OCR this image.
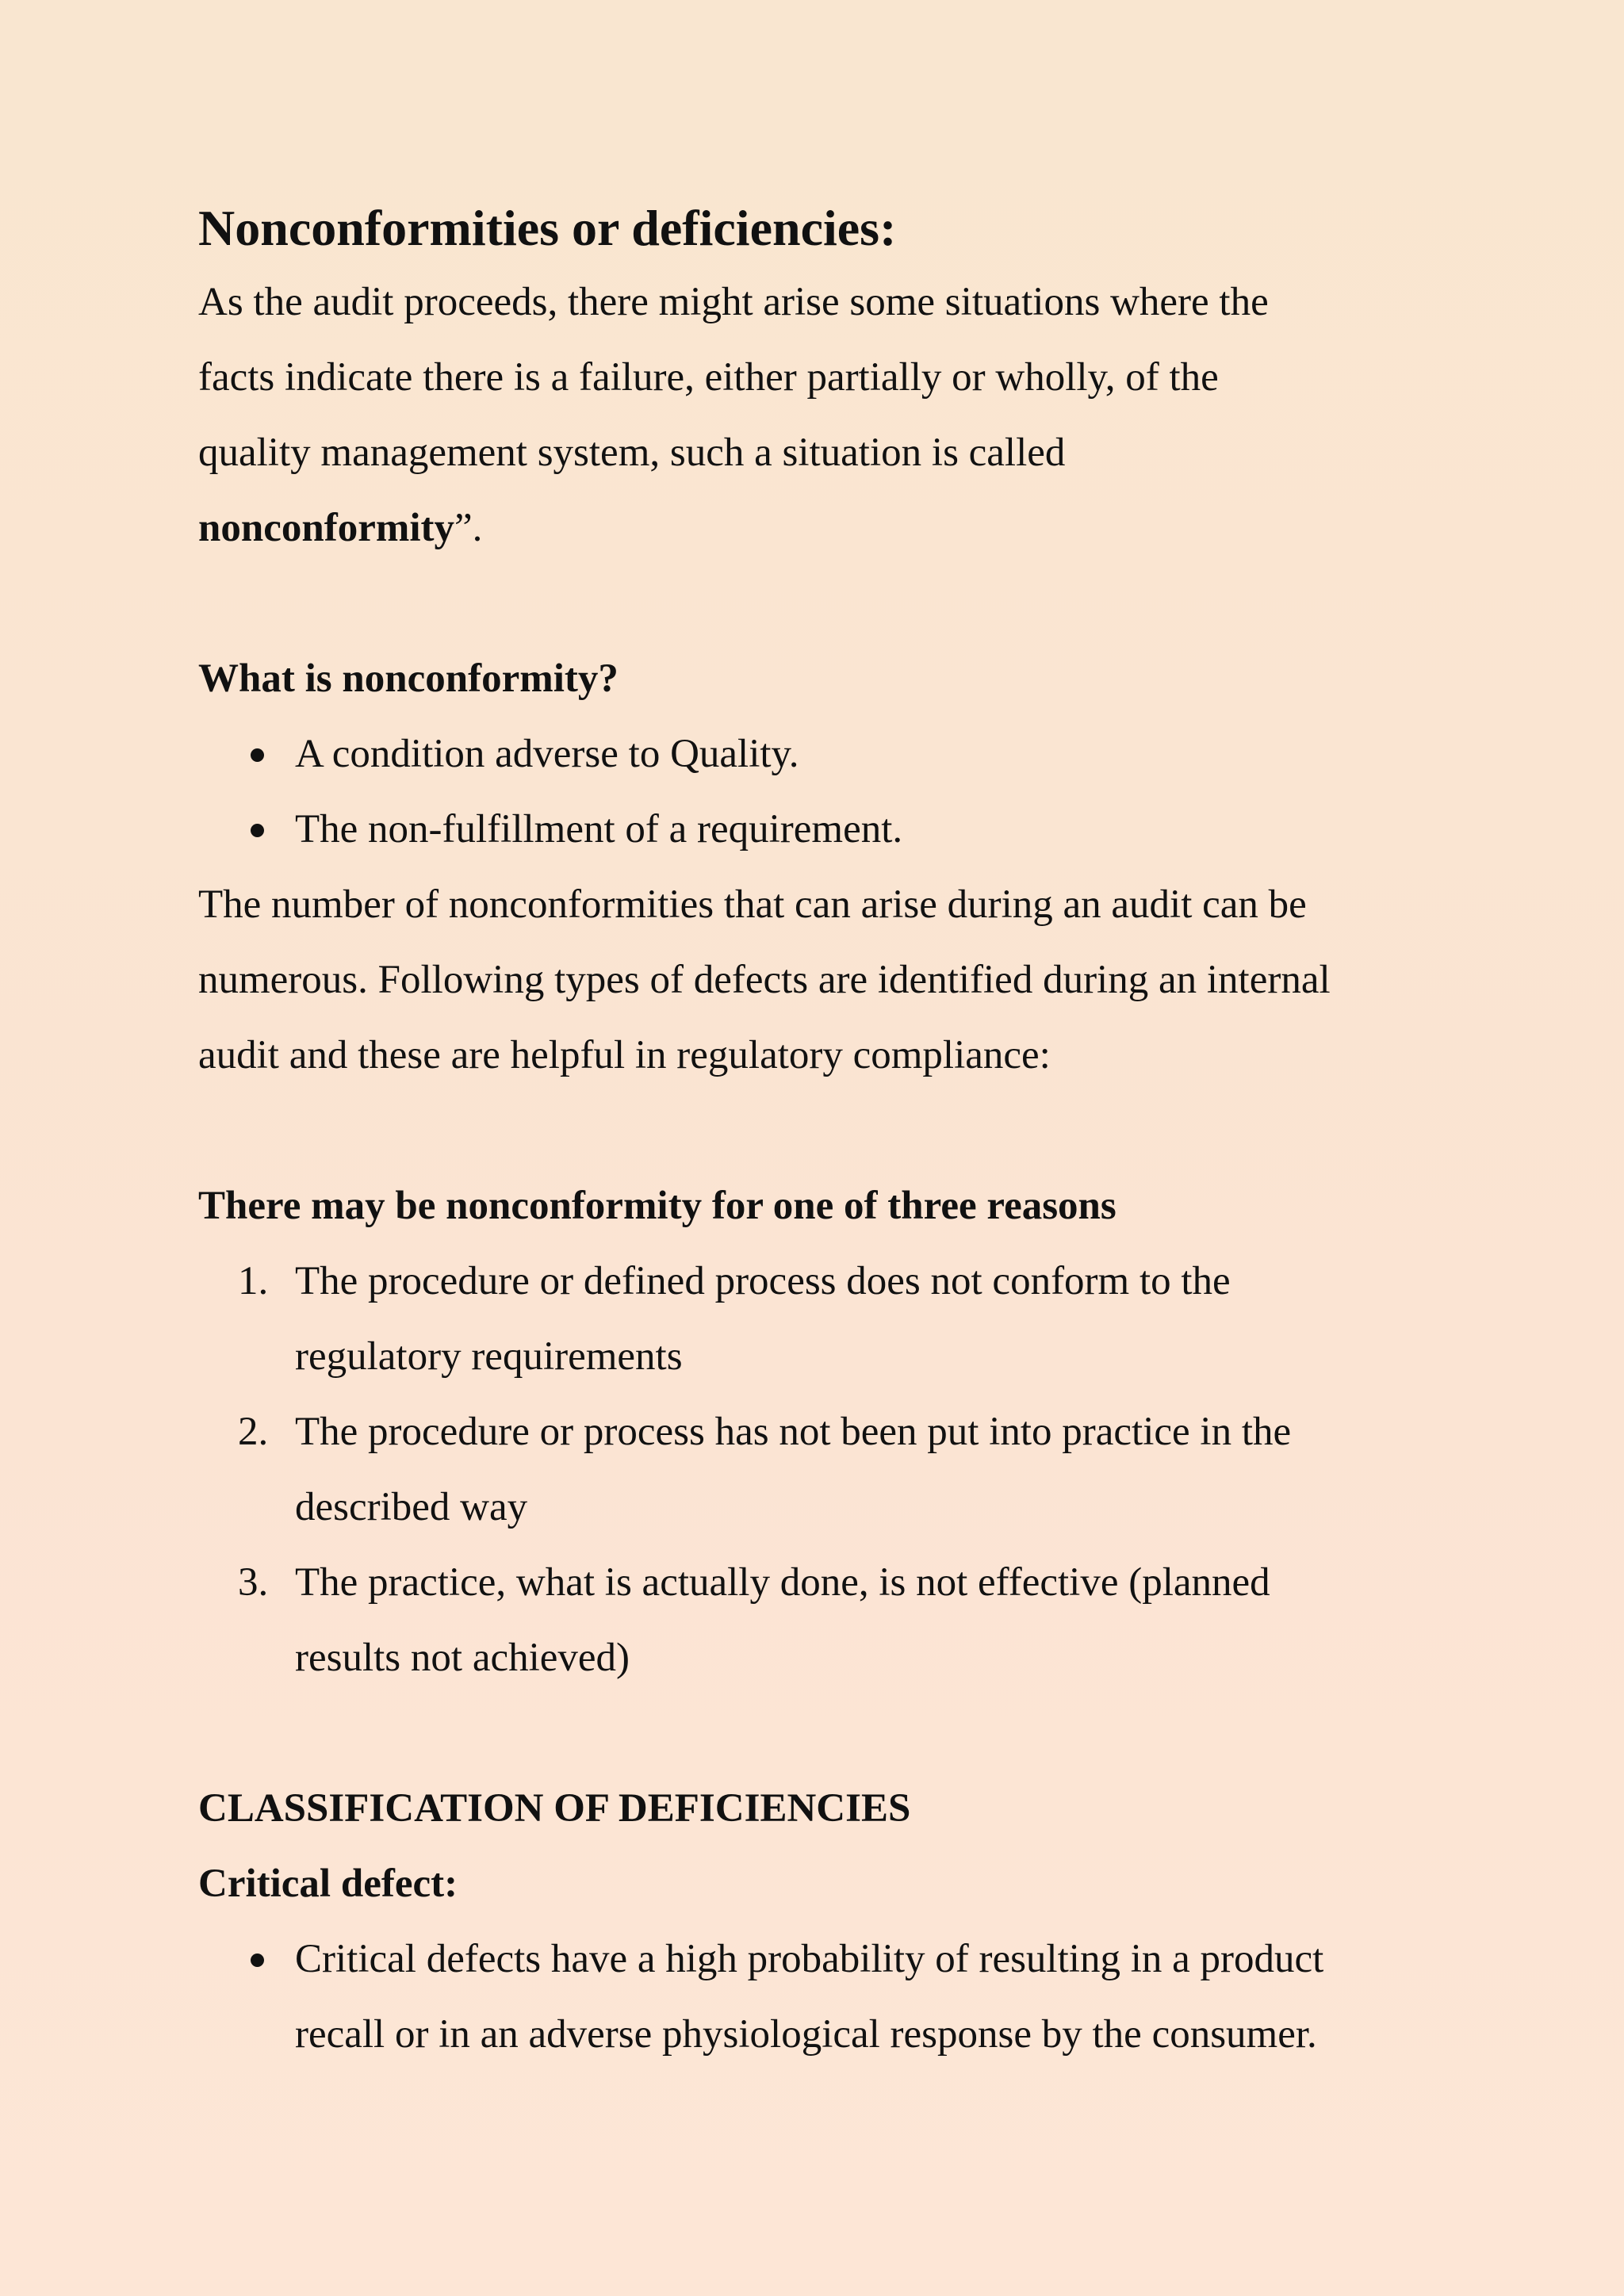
Nonconformities or deficiencies:

As the audit proceeds, there might arise some situations where the

facts indicate there is a failure, either partially or wholly, of the

quality management system, such a situation is called

nonconformity”.

What is nonconformity?

A condition adverse to Quality.
The non-fulfillment of a requirement.

The number of nonconformities that can arise during an audit can be

numerous. Following types of defects are identified during an internal

audit and these are helpful in regulatory compliance:

There may be nonconformity for one of three reasons

1. The procedure or defined process does not conform to the
regulatory requirements
2. The procedure or process has not been put into practice in the
described way
3. The practice, what is actually done, is not effective (planned
results not achieved)

CLASSIFICATION OF DEFICIENCIES

Critical defect:

Critical defects have a high probability of resulting in a product
recall or in an adverse physiological response by the consumer.
